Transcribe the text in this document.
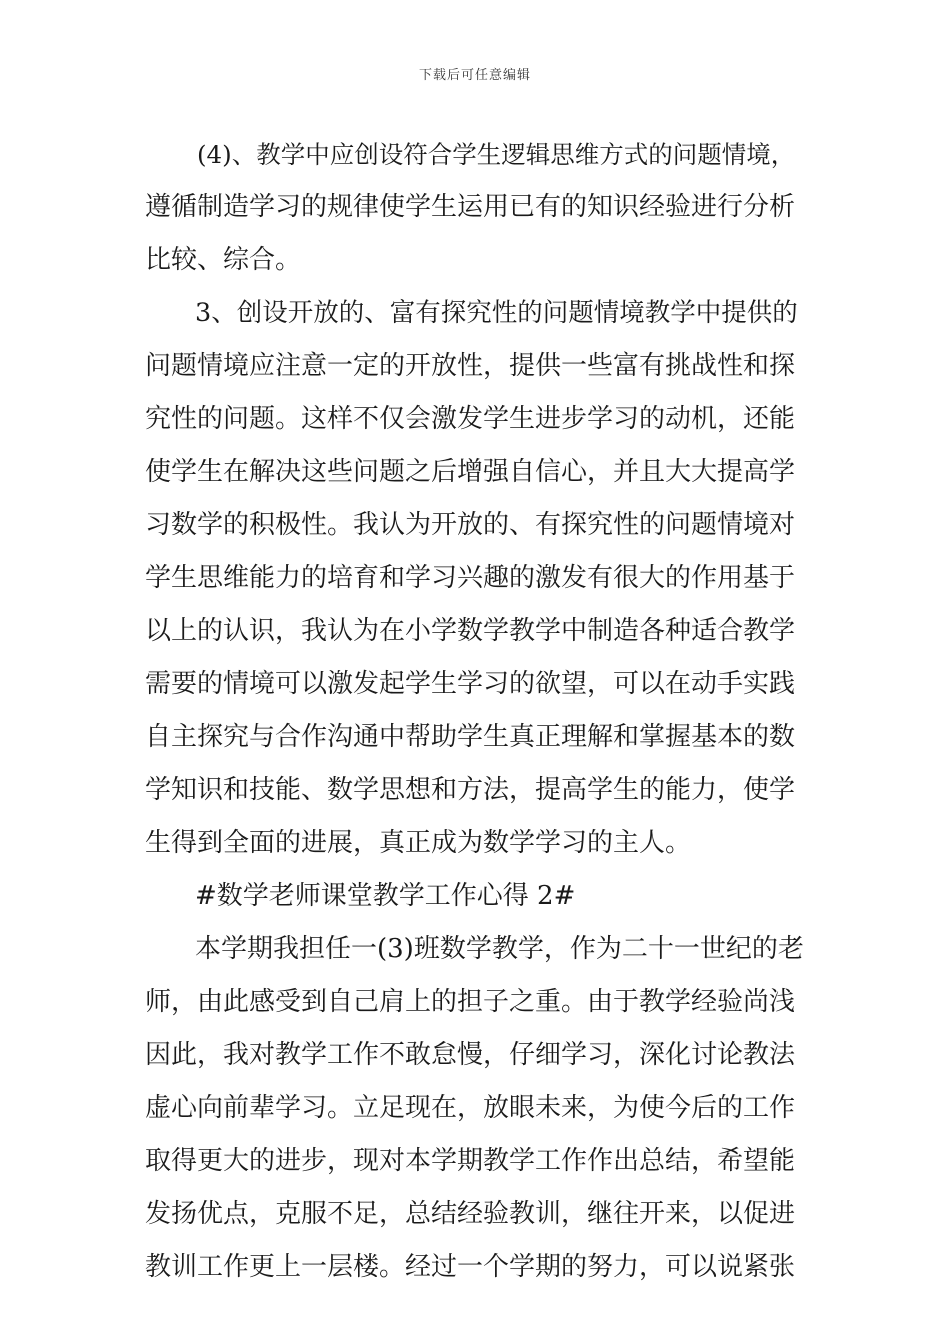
下载后可任意编辑
(4)、教学中应创设符合学生逻辑思维方式的问题情境，
遵循制造学习的规律使学生运用已有的知识经验进行分析
比较、综合。
3、创设开放的、富有探究性的问题情境教学中提供的
问题情境应注意一定的开放性，提供一些富有挑战性和探
究性的问题。这样不仅会激发学生进步学习的动机，还能
使学生在解决这些问题之后增强自信心，并且大大提高学
习数学的积极性。我认为开放的、有探究性的问题情境对
学生思维能力的培育和学习兴趣的激发有很大的作用基于
以上的认识，我认为在小学数学教学中制造各种适合教学
需要的情境可以激发起学生学习的欲望，可以在动手实践
自主探究与合作沟通中帮助学生真正理解和掌握基本的数
学知识和技能、数学思想和方法，提高学生的能力，使学
生得到全面的进展，真正成为数学学习的主人。
#数学老师课堂教学工作心得 2#
本学期我担任一(3)班数学教学，作为二十一世纪的老
师，由此感受到自己肩上的担子之重。由于教学经验尚浅
因此，我对教学工作不敢怠慢，仔细学习，深化讨论教法
虚心向前辈学习。立足现在，放眼未来，为使今后的工作
取得更大的进步，现对本学期教学工作作出总结，希望能
发扬优点，克服不足，总结经验教训，继往开来，以促进
教训工作更上一层楼。经过一个学期的努力，可以说紧张
